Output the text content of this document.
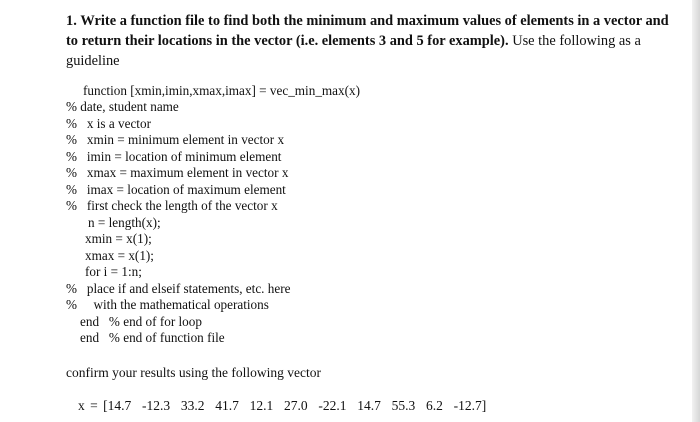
1. Write a function file to find both the minimum and maximum values of elements in a vector and to return their locations in the vector (i.e. elements 3 and 5 for example). Use the following as a guideline
function [xmin,imin,xmax,imax] = vec_min_max(x)
% date, student name
%   x is a vector
%   xmin = minimum element in vector x
%   imin = location of minimum element
%   xmax = maximum element in vector x
%   imax = location of maximum element
%   first check the length of the vector x
n = length(x);
xmin = x(1);
xmax = x(1);
for i = 1:n;
%   place if and elseif statements, etc. here
%     with the mathematical operations
end   % end of for loop
end   % end of function file
confirm your results using the following vector
x = [14.7  -12.3  33.2  41.7  12.1  27.0  -22.1  14.7  55.3  6.2  -12.7]
